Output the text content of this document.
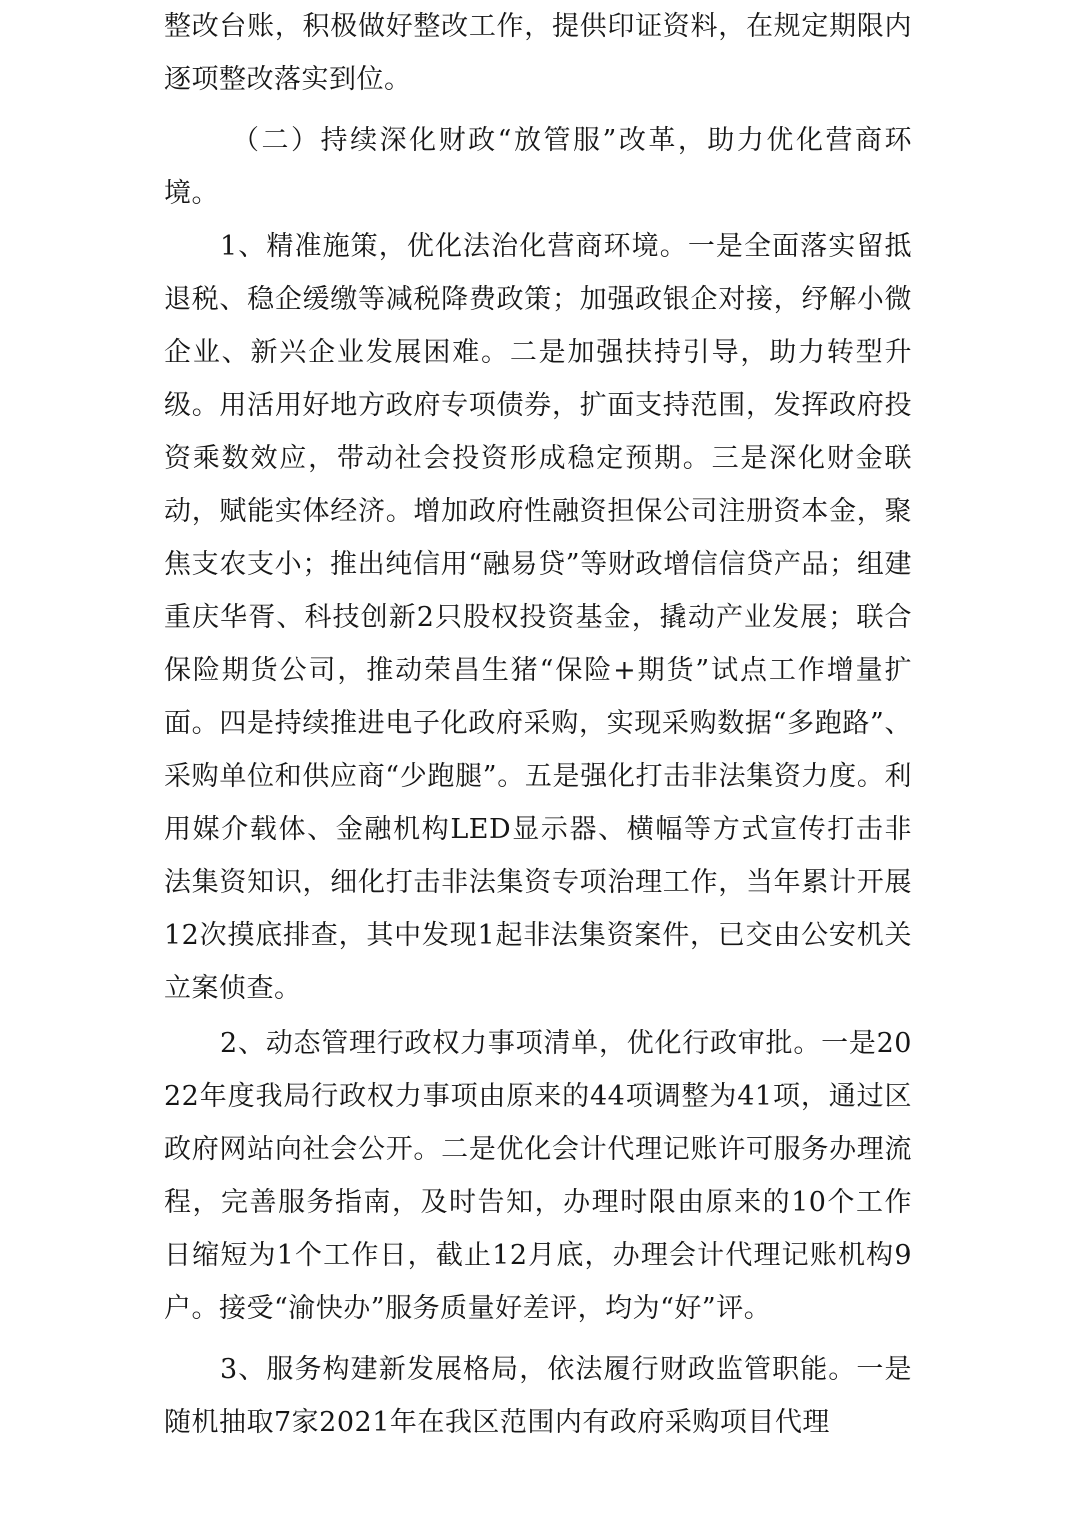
整改台账，积极做好整改工作，提供印证资料，在规定期限内逐项整改落实到位。

（二）持续深化财政“放管服”改革，助力优化营商环境。

1、精准施策，优化法治化营商环境。一是全面落实留抵退税、稳企缓缴等减税降费政策；加强政银企对接，纾解小微企业、新兴企业发展困难。二是加强扶持引导，助力转型升级。用活用好地方政府专项债券，扩面支持范围，发挥政府投资乘数效应，带动社会投资形成稳定预期。三是深化财金联动，赋能实体经济。增加政府性融资担保公司注册资本金，聚焦支农支小；推出纯信用“融易贷”等财政增信信贷产品；组建重庆华胥、科技创新2只股权投资基金，撬动产业发展；联合保险期货公司，推动荣昌生猪“保险+期货”试点工作增量扩面。四是持续推进电子化政府采购，实现采购数据“多跑路”、采购单位和供应商“少跑腿”。五是强化打击非法集资力度。利用媒介载体、金融机构LED显示器、横幅等方式宣传打击非法集资知识，细化打击非法集资专项治理工作，当年累计开展12次摸底排查，其中发现1起非法集资案件，已交由公安机关立案侦查。

2、动态管理行政权力事项清单，优化行政审批。一是2022年度我局行政权力事项由原来的44项调整为41项，通过区政府网站向社会公开。二是优化会计代理记账许可服务办理流程，完善服务指南，及时告知，办理时限由原来的10个工作日缩短为1个工作日，截止12月底，办理会计代理记账机构9户。接受“渝快办”服务质量好差评，均为“好”评。

3、服务构建新发展格局，依法履行财政监管职能。一是随机抽取7家2021年在我区范围内有政府采购项目代理
